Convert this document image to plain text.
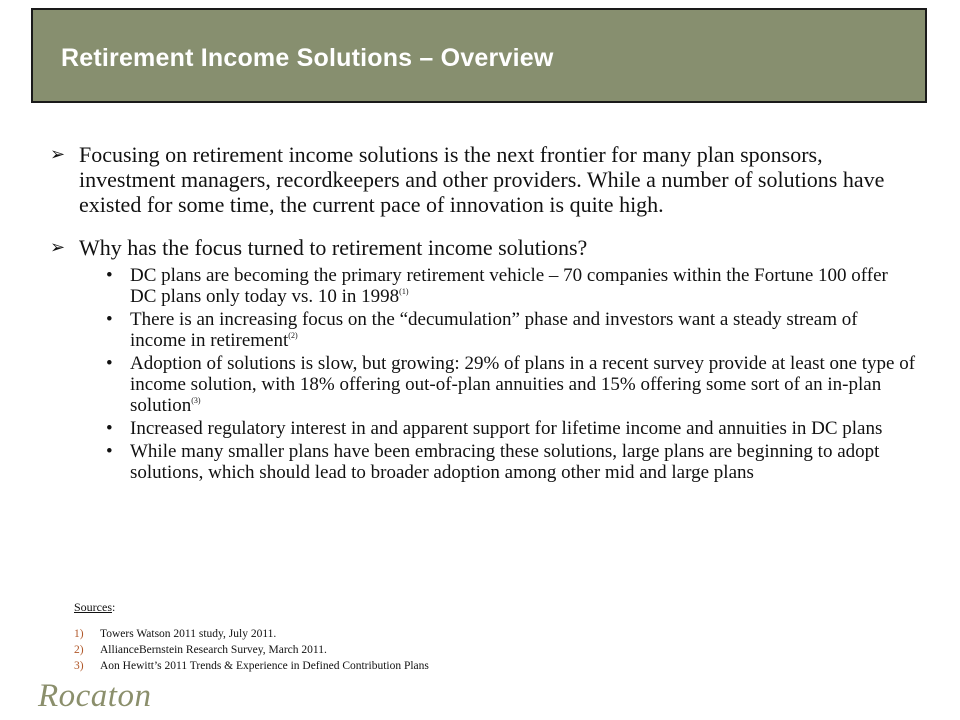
Retirement Income Solutions – Overview

➢ Focusing on retirement income solutions is the next frontier for many plan sponsors, investment managers, recordkeepers and other providers. While a number of solutions have existed for some time, the current pace of innovation is quite high.

➢ Why has the focus turned to retirement income solutions?
• DC plans are becoming the primary retirement vehicle – 70 companies within the Fortune 100 offer DC plans only today vs. 10 in 1998$^{(1)}$
• There is an increasing focus on the “decumulation” phase and investors want a steady stream of income in retirement$^{(2)}$
• Adoption of solutions is slow, but growing: 29% of plans in a recent survey provide at least one type of income solution, with 18% offering out-of-plan annuities and 15% offering some sort of an in-plan solution$^{(3)}$
• Increased regulatory interest in and apparent support for lifetime income and annuities in DC plans
• While many smaller plans have been embracing these solutions, large plans are beginning to adopt solutions, which should lead to broader adoption among other mid and large plans
Sources:
1) Towers Watson 2011 study, July 2011.
2) AllianceBernstein Research Survey, March 2011.
3) Aon Hewitt’s 2011 Trends & Experience in Defined Contribution Plans
Rocaton
